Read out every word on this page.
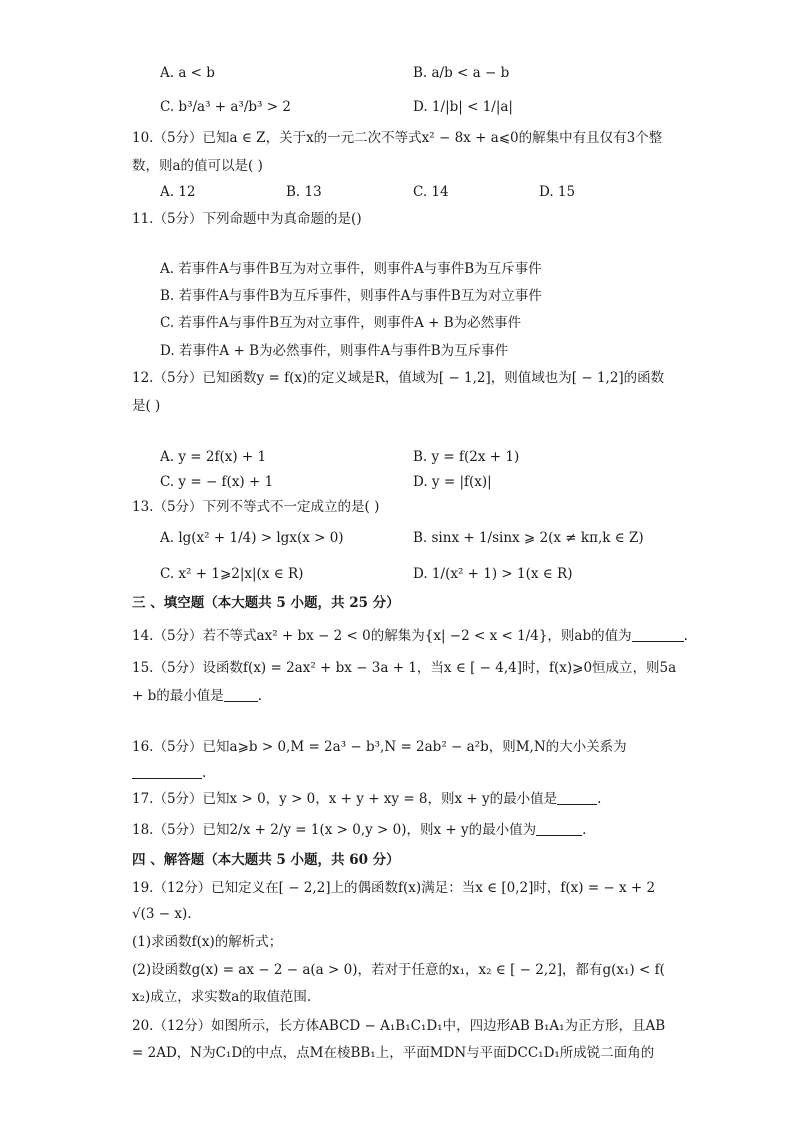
A. a < b	B. a/b < a − b
C. b³/a³ + a³/b³ > 2	D. 1/|b| < 1/|a|
10.（5分）已知a ∈ Z，关于x的一元二次不等式x² − 8x + a⩽0的解集中有且仅有3个整
数，则a的值可以是( )
A. 12	B. 13	C. 14	D. 15
11.（5分）下列命题中为真命题的是()
A. 若事件A与事件B互为对立事件，则事件A与事件B为互斥事件
B. 若事件A与事件B为互斥事件，则事件A与事件B互为对立事件
C. 若事件A与事件B互为对立事件，则事件A + B为必然事件
D. 若事件A + B为必然事件，则事件A与事件B为互斥事件
12.（5分）已知函数y = f(x)的定义域是R，值域为[ − 1,2]，则值域也为[ − 1,2]的函数
是( )
A. y = 2f(x) + 1	B. y = f(2x + 1)
C. y = − f(x) + 1	D. y = |f(x)|
13.（5分）下列不等式不一定成立的是( )
A. lg(x² + 1/4) > lgx(x > 0)	B. sinx + 1/sinx ⩾ 2(x ≠ kπ,k ∈ Z)
C. x² + 1⩾2|x|(x ∈ R)	D. 1/(x² + 1) > 1(x ∈ R)
三 、填空题（本大题共 5 小题，共 25 分）
14.（5分）若不等式ax² + bx − 2 < 0的解集为{x| −2 < x < 1/4}，则ab的值为	.
15.（5分）设函数f(x) = 2ax² + bx − 3a + 1，当x ∈ [ − 4,4]时，f(x)⩾0恒成立，则5a
+ b的最小值是	.
16.（5分）已知a⩾b > 0,M = 2a³ − b³,N = 2ab² − a²b，则M,N的大小关系为
.
17.（5分）已知x > 0，y > 0，x + y + xy = 8，则x + y的最小值是	.
18.（5分）已知2/x + 2/y = 1(x > 0,y > 0)，则x + y的最小值为	.
四 、解答题（本大题共 5 小题，共 60 分）
19.（12分）已知定义在[ − 2,2]上的偶函数f(x)满足：当x ∈ [0,2]时，f(x) = − x + 2
√(3 − x).
(1)求函数f(x)的解析式；
(2)设函数g(x) = ax − 2 − a(a > 0)，若对于任意的x₁，x₂ ∈ [ − 2,2]，都有g(x₁) < f(
x₂)成立，求实数a的取值范围.
20.（12分）如图所示，长方体ABCD − A₁B₁C₁D₁中，四边形AB B₁A₁为正方形，且AB
= 2AD，N为C₁D的中点，点M在棱BB₁上，平面MDN与平面DCC₁D₁所成锐二面角的
